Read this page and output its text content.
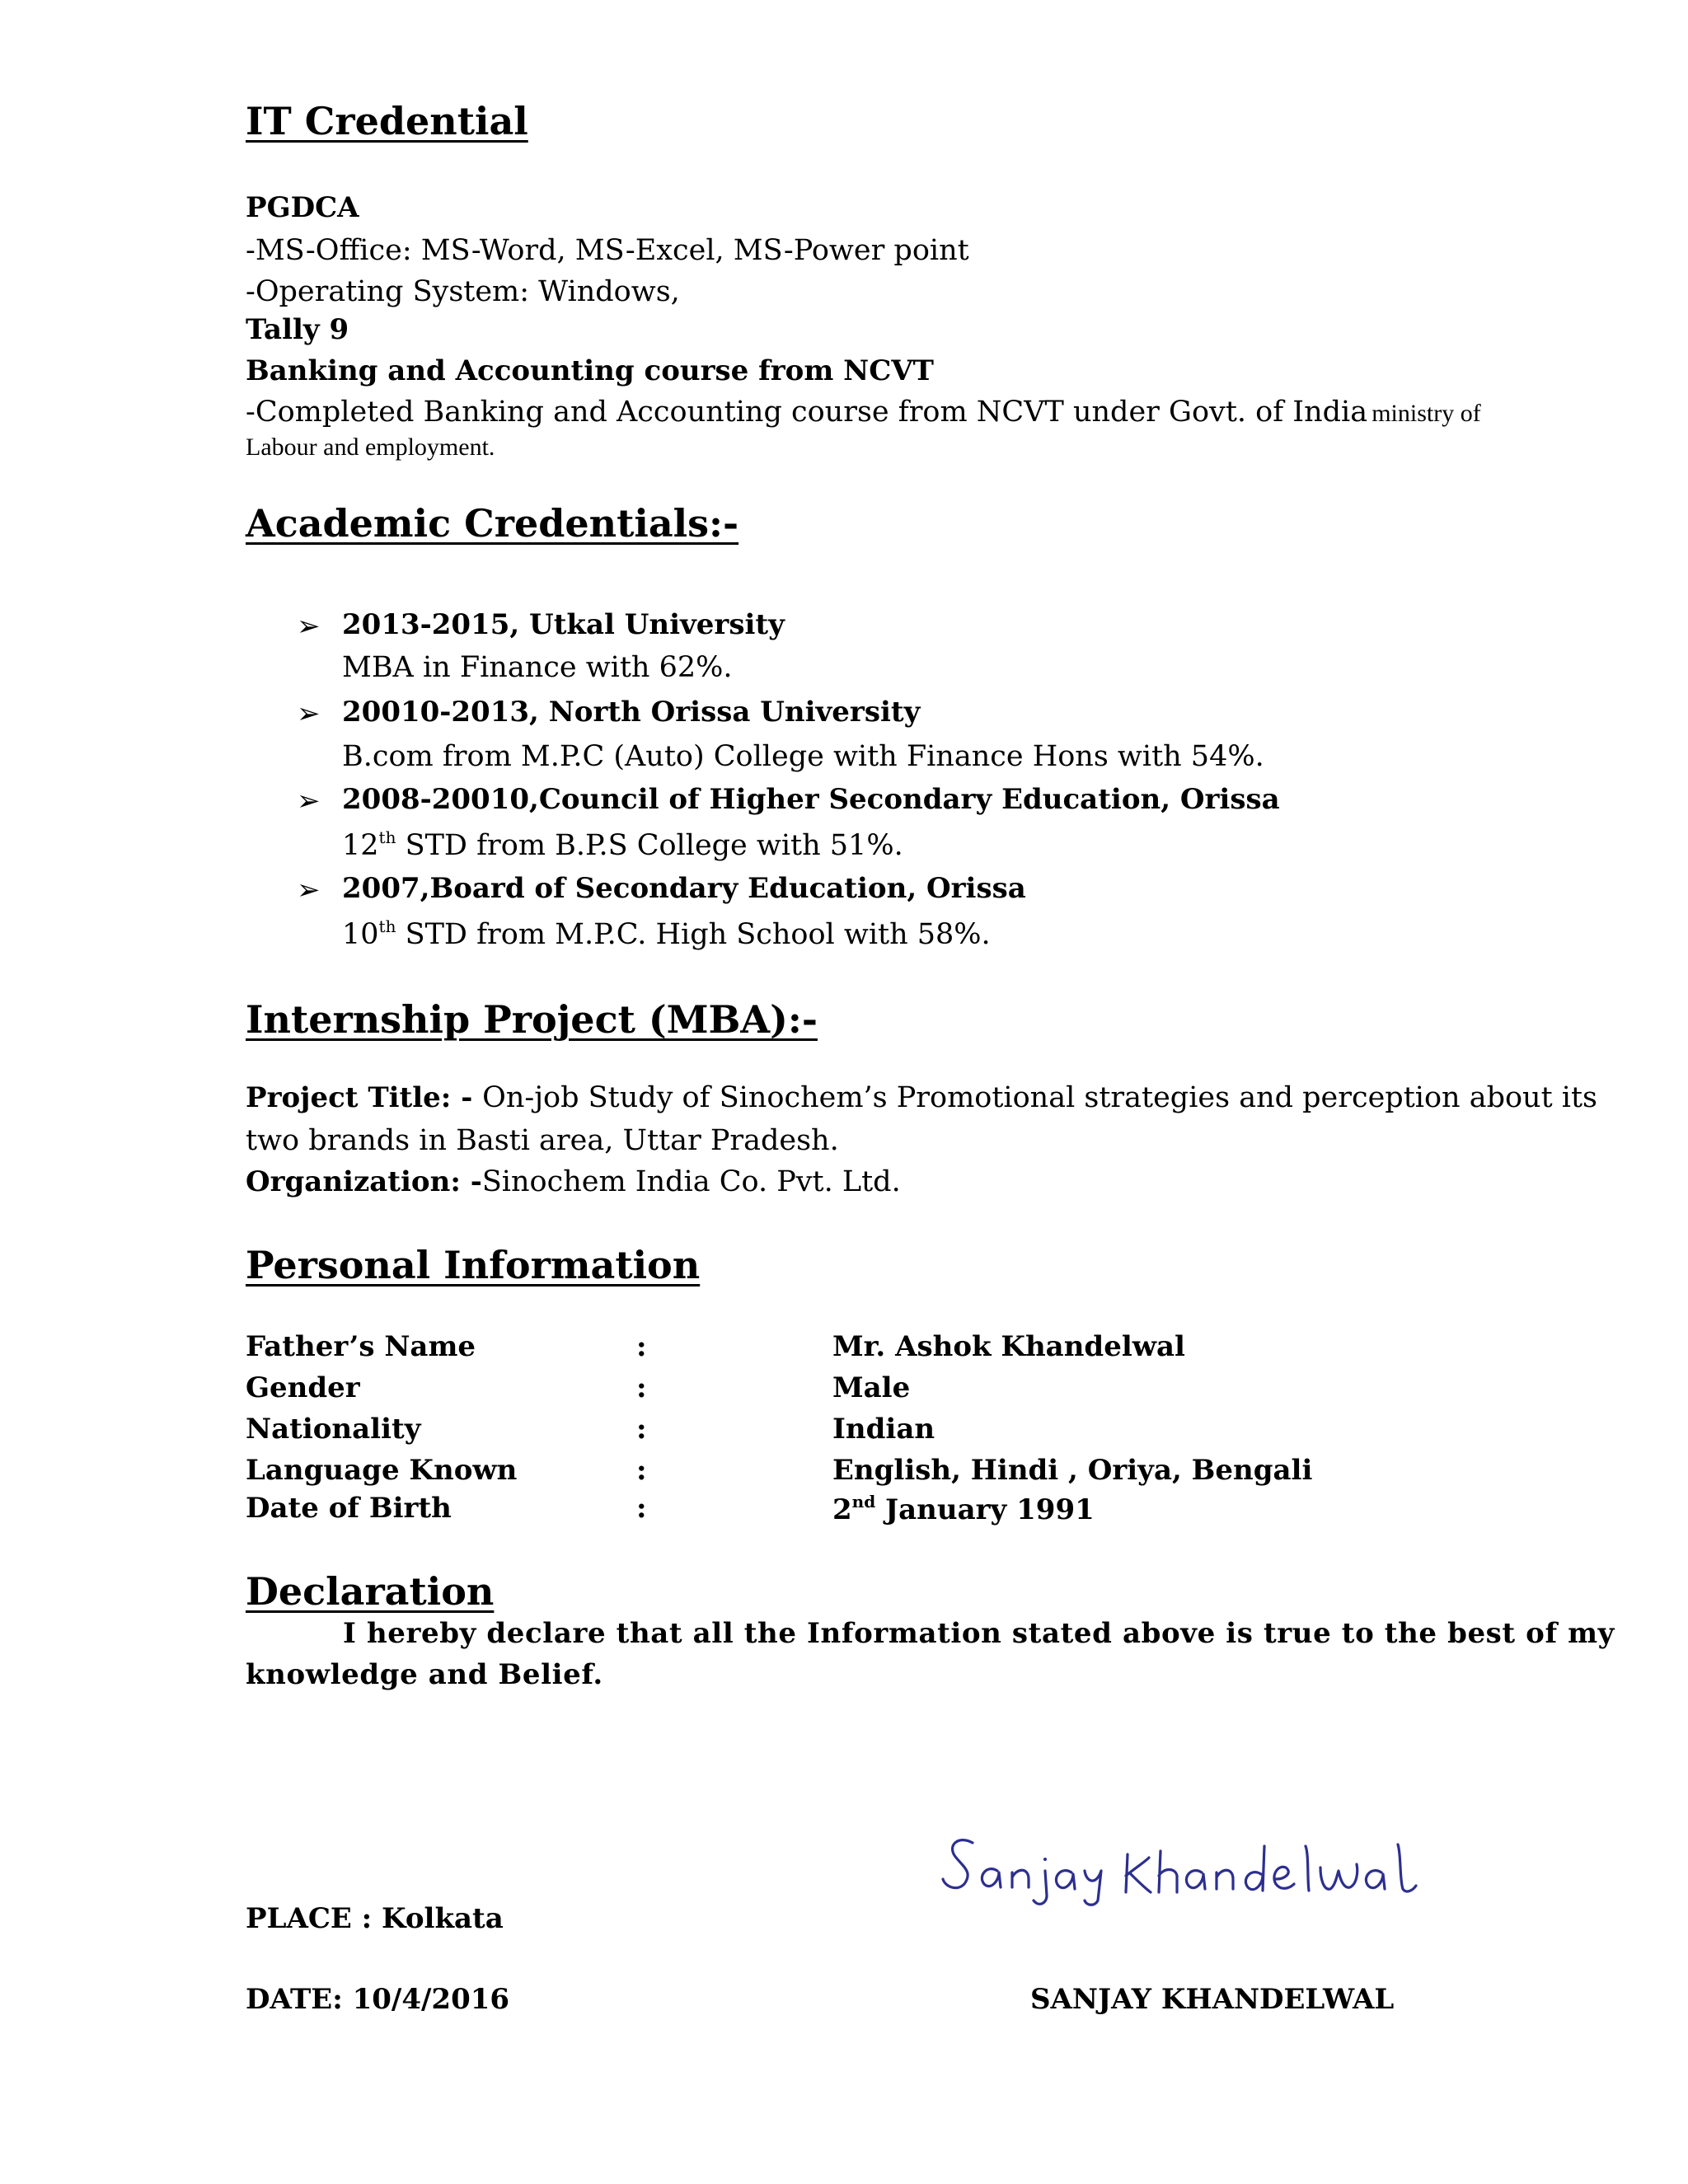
IT Credential
PGDCA
-MS-Office: MS-Word, MS-Excel, MS-Power point
-Operating System: Windows,
Tally 9
Banking and Accounting course from NCVT
-Completed Banking and Accounting course from NCVT under Govt. of India ministry of
Labour and employment.
Academic Credentials:-
➢ 2013-2015, Utkal University
MBA in Finance with 62%.
➢ 20010-2013, North Orissa University
B.com from M.P.C (Auto) College with Finance Hons with 54%.
➢ 2008-20010,Council of Higher Secondary Education, Orissa
12th STD from B.P.S College with 51%.
➢ 2007,Board of Secondary Education, Orissa
10th STD from M.P.C. High School with 58%.
Internship Project (MBA):-
Project Title: - On-job Study of Sinochem’s Promotional strategies and perception about its
two brands in Basti area, Uttar Pradesh.
Organization: -Sinochem India Co. Pvt. Ltd.
Personal Information
Father’s Name	:	Mr. Ashok Khandelwal
Gender	:	Male
Nationality	:	Indian
Language Known	:	English, Hindi , Oriya, Bengali
Date of Birth	:	2nd January 1991
Declaration
I hereby declare that all the Information stated above is true to the best of my
knowledge and Belief.
PLACE : Kolkata
DATE: 10/4/2016	SANJAY KHANDELWAL
